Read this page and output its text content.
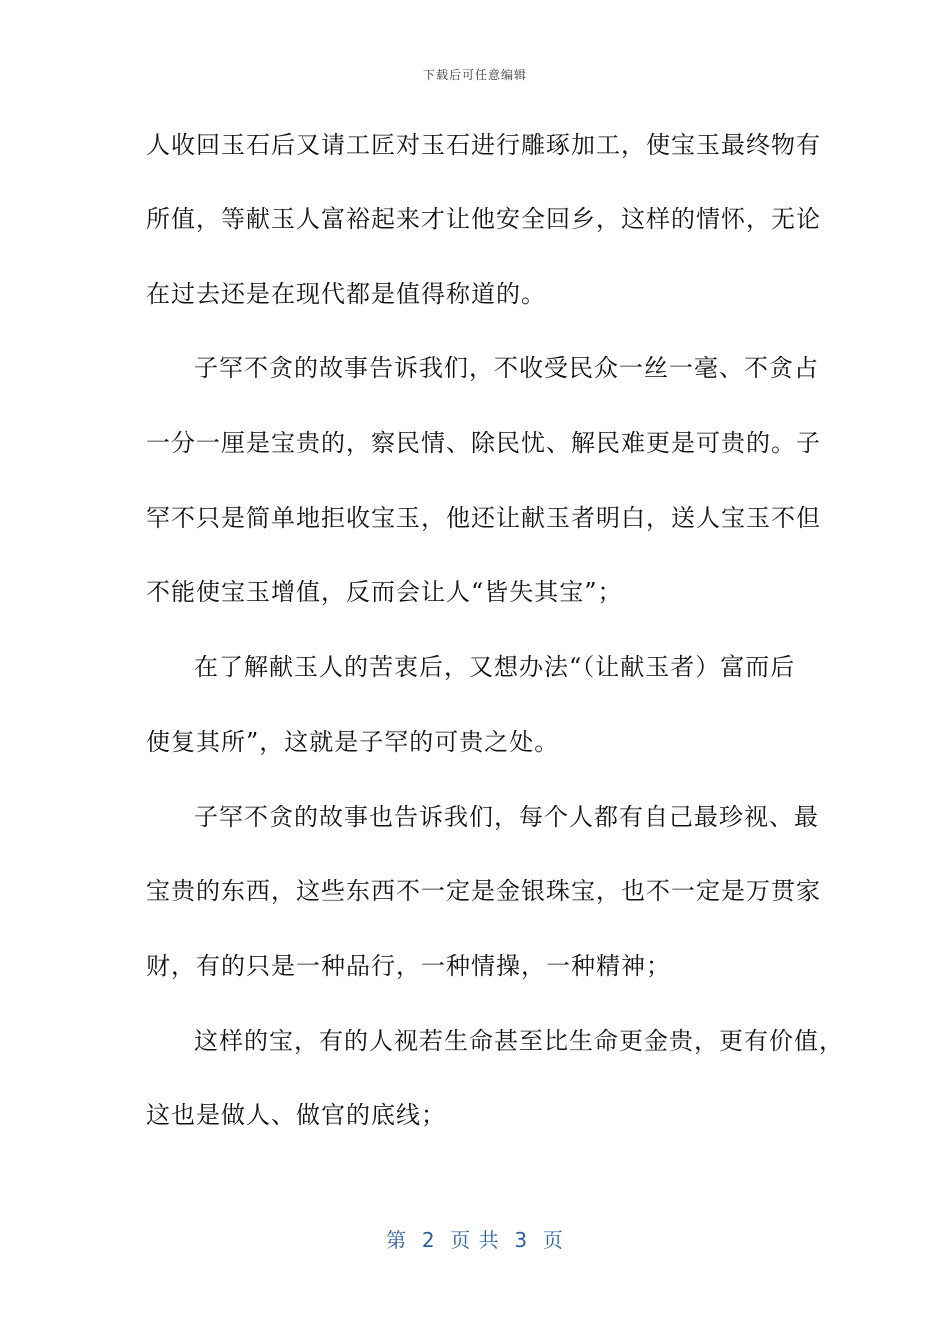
下载后可任意编辑
人收回玉石后又请工匠对玉石进行雕琢加工，使宝玉最终物有
所值，等献玉人富裕起来才让他安全回乡，这样的情怀，无论
在过去还是在现代都是值得称道的。
子罕不贪的故事告诉我们，不收受民众一丝一毫、不贪占
一分一厘是宝贵的，察民情、除民忧、解民难更是可贵的。子
罕不只是简单地拒收宝玉，他还让献玉者明白，送人宝玉不但
不能使宝玉增值，反而会让人“皆失其宝”；
在了解献玉人的苦衷后，又想办法“（让献玉者）富而后
使复其所”，这就是子罕的可贵之处。
子罕不贪的故事也告诉我们，每个人都有自己最珍视、最
宝贵的东西，这些东西不一定是金银珠宝，也不一定是万贯家
财，有的只是一种品行，一种情操，一种精神；
这样的宝，有的人视若生命甚至比生命更金贵，更有价值，
这也是做人、做官的底线；
第  2  页 共  3  页
